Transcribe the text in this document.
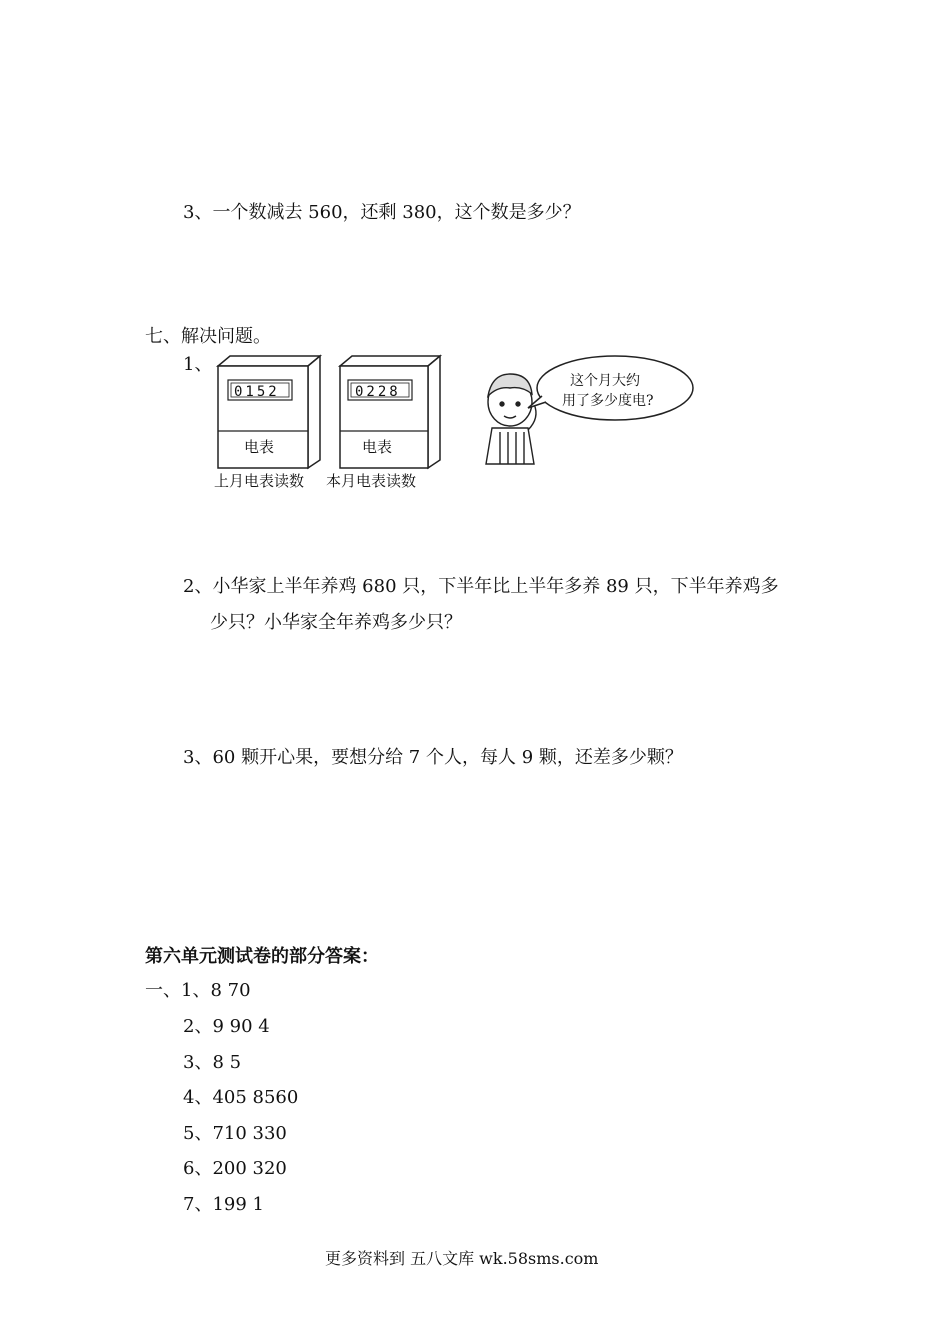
3、一个数减去 560，还剩 380，这个数是多少？
七、解决问题。
1、
0152	0228
电表	电表
上月电表读数 本月电表读数
这个月大约
用了多少度电?
2、小华家上半年养鸡 680 只，下半年比上半年多养 89 只，下半年养鸡多
少只？小华家全年养鸡多少只？
3、60 颗开心果，要想分给 7 个人，每人 9 颗，还差多少颗？
第六单元测试卷的部分答案：
一、1、8 70
2、9 90 4
3、8 5
4、405 8560
5、710 330
6、200 320
7、199 1
更多资料到 五八文库 wk.58sms.com
